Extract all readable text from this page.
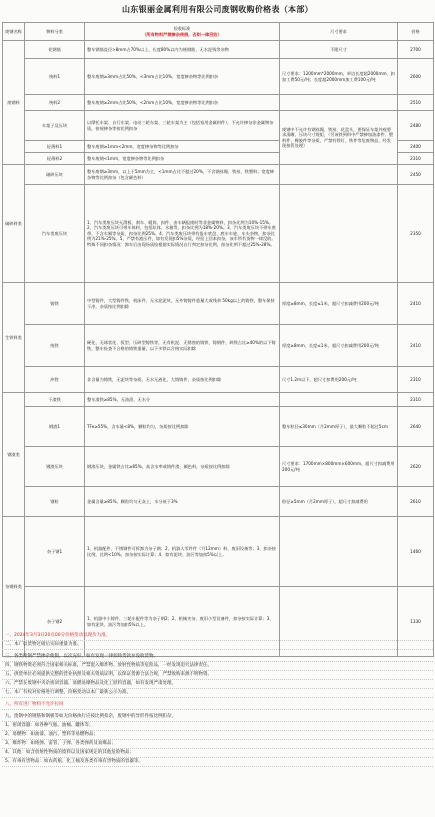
山东银丽金属利用有限公司废钢收购价格表（本部）
废钢名称	物料分类	验收标准
（所有物料严禁掺杂使假，否则一律没收）	尺寸要求	价格
废钢料	花钢筋	整车钢筋直径>8mm占70%以上，长度80%以内为统钢筋，无水泥残等杂物	不限尺寸	2700
	统料1	整车废钢≥3mm占比50%，<3mm占比10%，宽度掺杂物等比例扣杂	尺寸要求：1200mm*2000mm，单边长度超2000mm、扣加工费50元/吨；长度超2000mm加工费100元/吨	2600
	统料2	整车废钢≥2mm占比50%，<2mm占比10%，宽度掺杂物等比例扣杂		2510
	车架子及压块	以摩托车架、自行车架、电动三轮车架、三轮车架为主（包括家用金属料件），不允许掺杂非金属物杂质，按规掺杂等按比例扣杂	废钢中不允许有钢丝绳、铁丝、花盘头，要保证车架外观要求清晰、压块尺寸规矩，（另该铁到料中严禁掺加油漆件、塑料件、橡胶件等杂质，严禁有铁钉、铁件等危废物品，经发现按罚处理）	2480
	轻薄料1	整车废钢≥1mm<2mm，宽度掺杂物等比例扣杂		2400
	轻薄料2	整车废钢<1mm，宽度掺杂物等比例扣杂		2310
破碎料类	破碎压块	整车废钢≥3mm，以上于5mm为主，<1mm占比不超过20%，不含钢丝绳、铁丝、铁塑料；宽度掺杂物等比例扣杂（包含颜色料）		2450
	汽车类废压块	1、汽车类废压块无滑板、刹车、辊筒、扣件、由车辆报废时等非金属物料，扣杂比例为10%-15%。2、汽车类废压块可带车体料，包括缸体、水箱等，扣杂比例为18%-20%。3、汽车类废压块不带车底带，不含车厢等杂质，扣杂比例25%。4、汽车类废压块带有报车底盘、底车车轮、车头杂物，扣杂比例为21%-25%。5、严禁有液压件，如有发现扣5%杂质，经验上回本扣杂，该车所有货物一律没收。特殊不同扣杂情况：卸车后由现场质检根据实际情况自行判定扣杂比例，扣杂比例不超过25%-28%。		2350
生铁料类	铸铁	中型铸件，大型铸件铁、机床件，无水泥泥块，无外铸铸件重量大或残余 50kg以上的铸铁，整车保持干净，杂质按比例扣除	厚度≥8mm，长度≤1米，超尺寸扣减费用200元/吨	2410
	统铁	硬化、无球状化、扳型、压碎型铸铁等，无有机泥、无锈蚀的铸铁、铸钢件，碎铁占比≥40%的以下铸铁，整车检查不合格的铸铁重量，以下多铁以合格实际扣除	厚度≥8mm，长度≤1米，超尺寸扣减费用200元/吨	2410
	冲铁	非含量为铸铁，无泥块等杂质，无水无液化，大铸铸件，杂质按比例扣除	尺寸1.2m以下，超尺寸扣费用200元/吨	2310
钢渣类	干渣铁	整车渣铁≥85%，无油渍，无水分		2310
	钢渣1	TFe≥55%，含水量<8%，颗粒均匀，杂质按比例扣除	整车粒径≤30mm（月2mm厚子），最大颗粒不超过5cm	2640
	钢渣压块	钢渣压块，金属铁占比≥85%，高含水率或铸件渣、颜色料，杂质按比例扣除	尺寸要求：1700mm×800mm×600mm，超尺寸扣减费用200元/吨	2620
	钢粒	金属含量≥85%，颗粒均匀无灰土，水分低于3%	粒径≥5mm（月2mm厚子），超尺寸扣减费用	2610
杂钢料类	杂子钢1	1、机器配件、不锈钢件可拆卸为杂子钢；2、机器人零件件（月12mm）料、废旧设备等；3、扣杂按比例，比例<10%，扣杂按实际计算；4、如有泥块、油污等加扣5%以上。		1460
	杂子钢2	1、机器中小铸件、三轮车配件等为杂子钢2；2、机械夹杂、废旧小型设备件，扣杂按实际计算；3、如有泥块、油污等加扣5%以上。		1330
一、2024年3月3日20点00分价格变动以现价为准。
二、本厂以货物过磅后实际重量为准。
三、各类废钢严禁掺杂使假，以次充好，如有发现一律扣除货款并没收货物。
四、钢铁物资必须符合国家相关标准，严禁混入爆炸物、放射性物质等危险品，一经发现追究法律责任。
五、供货单位必须提供完整的营业执照及相关资质证明，以保证货源合法合规，严禁收购来源不明物资。
六、严禁在废钢中夹杂密闭容器、易燃易爆物品及化工原料容器，如有发现严肃处理。
七、本厂有权对价格进行调整，价格变动以本厂最新公示为准。
八、所有进厂物料不允许拉回
九、废钢中的钢筋和钢板等如无价格执行应按比例扣杂，废钢中的异形件按比例扣杂。
1、密闭容器：如各种气瓶、油桶、罐体等；
2、易燃物：如油漆、油污、塑料等易燃物品；
3、爆炸物：如炮弹、雷管、子弹、各类弹药及易爆品；
4、其他：如含放射性物质的废料以及国家规定的其他危险物品；
5、有毒有害物品：如农药瓶、化工桶及各类有毒有害物质的容器等。
